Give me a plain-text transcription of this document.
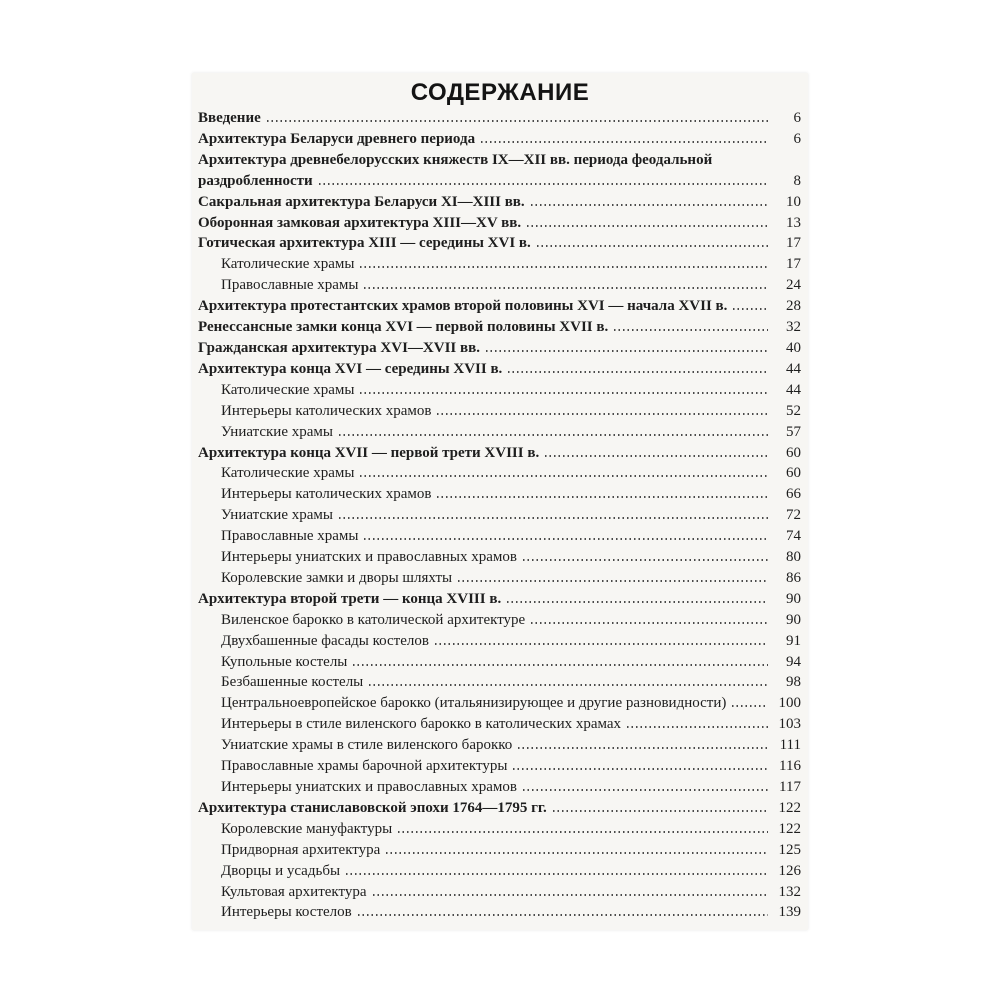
СОДЕРЖАНИЕ
Введение	6
Архитектура Беларуси древнего периода	6
Архитектура древнебелорусских княжеств IX—XII вв. периода феодальной
раздробленности	8
Сакральная архитектура Беларуси XI—XIII вв.	10
Оборонная замковая архитектура XIII—XV вв.	13
Готическая архитектура XIII — середины XVI в.	17
Католические храмы	17
Православные храмы	24
Архитектура протестантских храмов второй половины XVI — начала XVII в.	28
Ренессансные замки конца XVI — первой половины XVII в.	32
Гражданская архитектура XVI—XVII вв.	40
Архитектура конца XVI — середины XVII в.	44
Католические храмы	44
Интерьеры католических храмов	52
Униатские храмы	57
Архитектура конца XVII — первой трети XVIII в.	60
Католические храмы	60
Интерьеры католических храмов	66
Униатские храмы	72
Православные храмы	74
Интерьеры униатских и православных храмов	80
Королевские замки и дворы шляхты	86
Архитектура второй трети — конца XVIII в.	90
Виленское барокко в католической архитектуре	90
Двухбашенные фасады костелов	91
Купольные костелы	94
Безбашенные костелы	98
Центральноевропейское барокко (итальянизирующее и другие разновидности)	100
Интерьеры в стиле виленского барокко в католических храмах	103
Униатские храмы в стиле виленского барокко	111
Православные храмы барочной архитектуры	116
Интерьеры униатских и православных храмов	117
Архитектура станиславовской эпохи 1764—1795 гг.	122
Королевские мануфактуры	122
Придворная архитектура	125
Дворцы и усадьбы	126
Культовая архитектура	132
Интерьеры костелов	139
